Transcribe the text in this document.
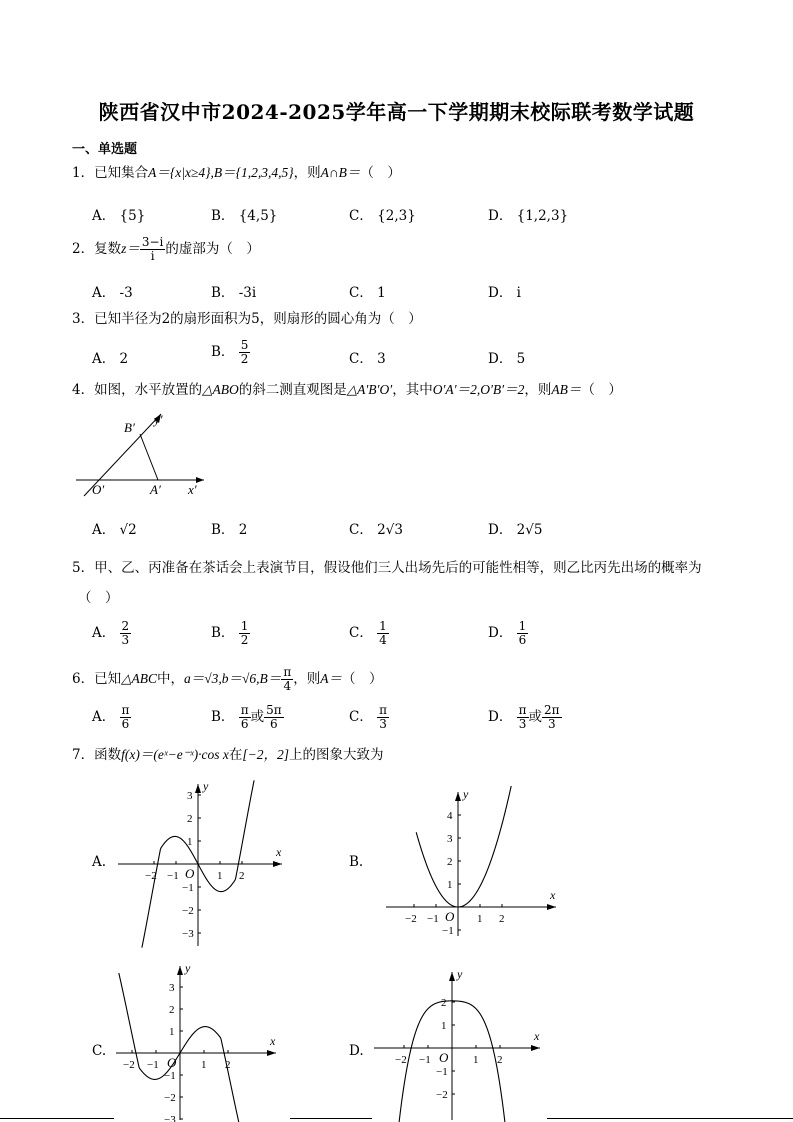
陕西省汉中市2024-2025学年高一下学期期末校际联考数学试题
一、单选题
1．已知集合A＝{x|x≥4},B＝{1,2,3,4,5}，则A∩B＝（　）
A． {5}	B． {4,5}	C． {2,3}	D． {1,2,3}
2．复数$z= \frac{3-i}{i}$ 的虚部为（　）
A． -3	B． -3i	C． 1	D． i
3．已知半径为2的扇形面积为5，则扇形的圆心角为（　）
A． 2	B． $\frac{5}{2}$	C． 3	D． 5
4．如图，水平放置的△ABO的斜二测直观图是△A′B′O′，其中O′A′＝2,O′B′＝2，则AB＝（　）
B′
y′
O′	A′ x′
A． √2	B． 2	C． 2√3	D． 2√5
5．甲、乙、丙准备在茶话会上表演节目，假设他们三人出场先后的可能性相等，则乙比丙先出场的概率为
（　）
A． $\frac{2}{3}$	B． $\frac{1}{2}$	C． $\frac{1}{4}$	D． $\frac{1}{6}$
6．已知△ABC中，$a=√3,b=√6,B= \frac{\pi}{4}$ ，则A＝（　）
A． $\frac{\pi}{6}$	B． $\frac{\pi}{6}$ 或 $\frac{5\pi}{6}$	C． $\frac{\pi}{3}$	D． $\frac{\pi}{3}$ 或 $\frac{2\pi}{3}$
7．函数f(x)＝(eˣ−e⁻ˣ)·cos x在[−2，2]上的图象大致为
A.	B.
C.	D.
x
y
O
−2 −1	1 2
3
2
1
−1
−2
−3
x
y
O
−2 −1	1 2
4
3
2
1
−1
x
y
O
−2 −1	1 2
3
2
1
−1
−2
−3
x
y
O
−2 −1	1 2
2
1
−1
−2
